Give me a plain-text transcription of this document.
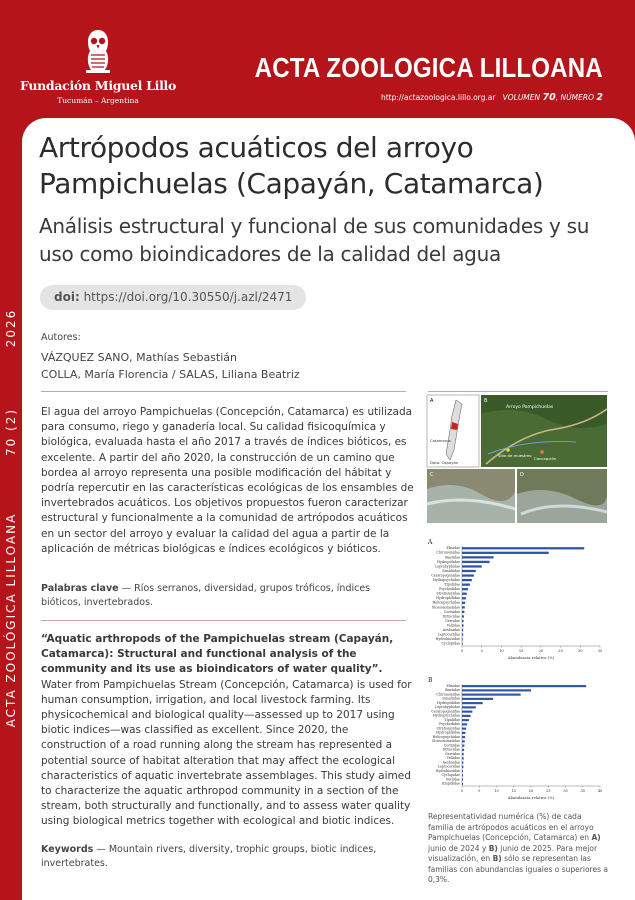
Fundación Miguel Lillo
Tucumán – Argentina
ACTA ZOOLOGICA LILLOANA
http://actazoologica.lillo.org.ar VOLUMEN 70, NÚMERO 2
ACTA ZOOLÓGICA LILLOANA
70 (2)
2026
Artrópodos acuáticos del arroyo Pampichuelas (Capayán, Catamarca)
Análisis estructural y funcional de sus comunidades y su uso como bioindicadores de la calidad del agua
doi: https://doi.org/10.30550/j.azl/2471
Autores:
VÁZQUEZ SANO, Mathías Sebastián
COLLA, María Florencia / SALAS, Liliana Beatriz
El agua del arroyo Pampichuelas (Concepción, Catamarca) es utilizada para consumo, riego y ganadería local. Su calidad fisicoquímica y biológica, evaluada hasta el año 2017 a través de índices bióticos, es excelente. A partir del año 2020, la construcción de un camino que bordea al arroyo representa una posible modificación del hábitat y podría repercutir en las características ecológicas de los ensambles de invertebrados acuáticos. Los objetivos propuestos fueron caracterizar estructural y funcionalmente a la comunidad de artrópodos acuáticos en un sector del arroyo y evaluar la calidad del agua a partir de la aplicación de métricas biológicas e índices ecológicos y bióticos.
Palabras clave — Ríos serranos, diversidad, grupos tróficos, índices bióticos, invertebrados.
“Aquatic arthropods of the Pampichuelas stream (Capayán, Catamarca): Structural and functional analysis of the community and its use as bioindicators of water quality”. Water from Pampichuelas Stream (Concepción, Catamarca) is used for human consumption, irrigation, and local livestock farming. Its physicochemical and biological quality—assessed up to 2017 using biotic indices—was classified as excellent. Since 2020, the construction of a road running along the stream has represented a potential source of habitat alteration that may affect the ecological characteristics of aquatic invertebrate assemblages. This study aimed to characterize the aquatic arthropod community in a section of the stream, both structurally and functionally, and to assess water quality using biological metrics together with ecological and biotic indices.
Keywords — Mountain rivers, diversity, trophic groups, biotic indices, invertebrates.
A	B
Arroyo Pampichuelas
Sitio de muestreo
Concepción
Dpto. Capayán
Catamarca
C	D
A
Elmidae
Chironomidae
Baetidae
Hydroptilidae
Leptohyphidae
Simuliidae
Ceratopogonidae
Hydropsychidae
Tipulidae
Psychodidae
Stratiomyidae
Hydrophilidae
Helicopsychidae
Glossosomatidae
Corixidae
Dytiscidae
Gerridae
Veliidae
Aeshnidae
Leptoceridae
Hydrobiosidae
Cyclopidae
0	5	10	15	20	25	30	35
Abundancia relativa (%)
B
Elmidae
Baetidae
Chironomidae
Simuliidae
Hydroptilidae
Leptohyphidae
Ceratopogonidae
Hydropsychidae
Tipulidae
Psychodidae
Stratiomyidae
Hydrophilidae
Helicopsychidae
Glossosomatidae
Corixidae
Dytiscidae
Gerridae
Veliidae
Aeshnidae
Leptoceridae
Hydrobiosidae
Cyclopidae
Perlidae
Empididae
0	5	10	15	20	25	30	35	40
Abundancia relativa (%)
Representatividad numérica (%) de cada familia de artrópodos acuáticos en el arroyo Pampichuelas (Concepción, Catamarca) en A) junio de 2024 y B) junio de 2025. Para mejor visualización, en B) sólo se representan las familias con abundancias iguales o superiores a 0,3%.
